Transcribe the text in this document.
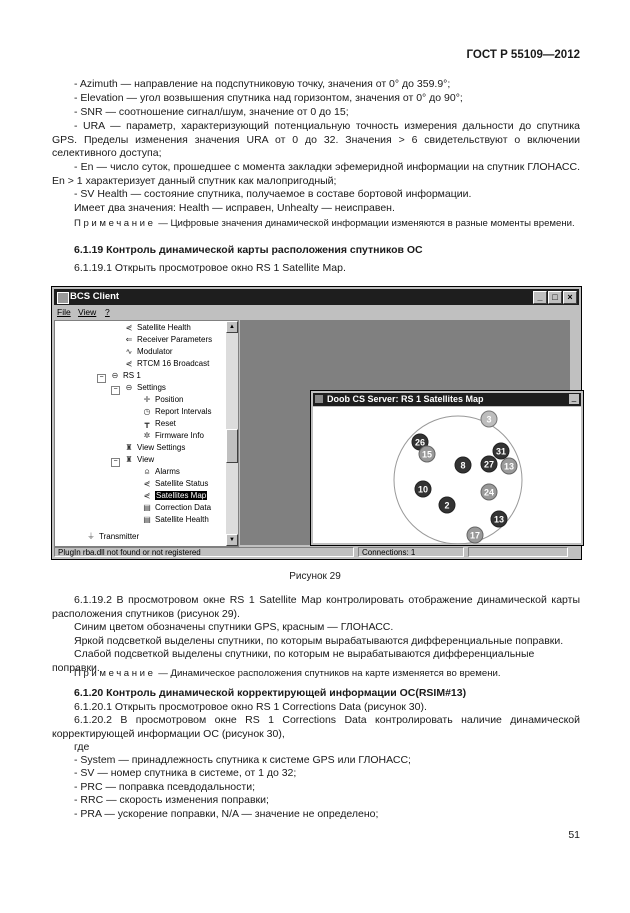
ГОСТ Р 55109—2012

- Azimuth — направление на подспутниковую точку, значения от 0° до 359.9°;

- Elevation — угол возвышения спутника над горизонтом, значения от 0° до 90°;

- SNR — соотношение сигнал/шум, значение от 0 до 15;

- URA — параметр, характеризующий потенциальную точность измерения дальности до спутника GPS. Пределы изменения значения URA от 0 до 32. Значения > 6 свидетельствуют о включении селективного доступа;

- En — число суток, прошедшее с момента закладки эфемеридной информации на спутник ГЛОНАСС. En > 1 характеризует данный спутник как малопригодный;

- SV Health — состояние спутника, получаемое в составе бортовой информации.

Имеет два значения: Health — исправен, Unhealty — неисправен.

Примечание — Цифровые значения динамической информации изменяются в разные моменты времени.

6.1.19 Контроль динамической карты расположения спутников ОС

6.1.19.1 Открыть просмотровое окно RS 1 Satellite Map.

BCS Client	_	□	×
File View ?
⋞ Satellite Health
⇐ Receiver Parameters
∿ Modulator
⋞ RTCM 16 Broadcast
−	⊖ RS 1
−	⊖ Settings
✛ Position
◷ Report Intervals
┳ Reset
✲ Firmware Info
♜ View Settings
− ♜ View
⍝ Alarms
⋞ Satellite Status
⋞ Satellites Map
▤ Correction Data
▤ Satellite Health
⏚ Transmitter
▲
▼
Doob CS Server: RS 1 Satellites Map	_
3
26
15
8
31
27 13
10
2
24
13
17
PlugIn rba.dll not found or not registered	Connections: 1
Рисунок 29

6.1.19.2 В просмотровом окне RS 1 Satellite Map контролировать отображение динамической карты расположения спутников (рисунок 29).

Синим цветом обозначены спутники GPS, красным — ГЛОНАСС.

Яркой подсветкой выделены спутники, по которым вырабатываются дифференциальные поправки.

Слабой подсветкой выделены спутники, по которым не вырабатываются дифференциальные поправки.

Примечание — Динамическое расположения спутников на карте изменяется во времени.

6.1.20 Контроль динамической корректирующей информации ОС(RSIM#13)

6.1.20.1 Открыть просмотровое окно RS 1 Corrections Data (рисунок 30).

6.1.20.2 В просмотровом окне RS 1 Corrections Data контролировать наличие динамической корректирующей информации ОС (рисунок 30),

где

- System — принадлежность спутника к системе GPS или ГЛОНАСС;

- SV — номер спутника в системе, от 1 до 32;

- PRC — поправка псевдодальности;

- RRC — скорость изменения поправки;

- PRA — ускорение поправки, N/A — значение не определено;

51
